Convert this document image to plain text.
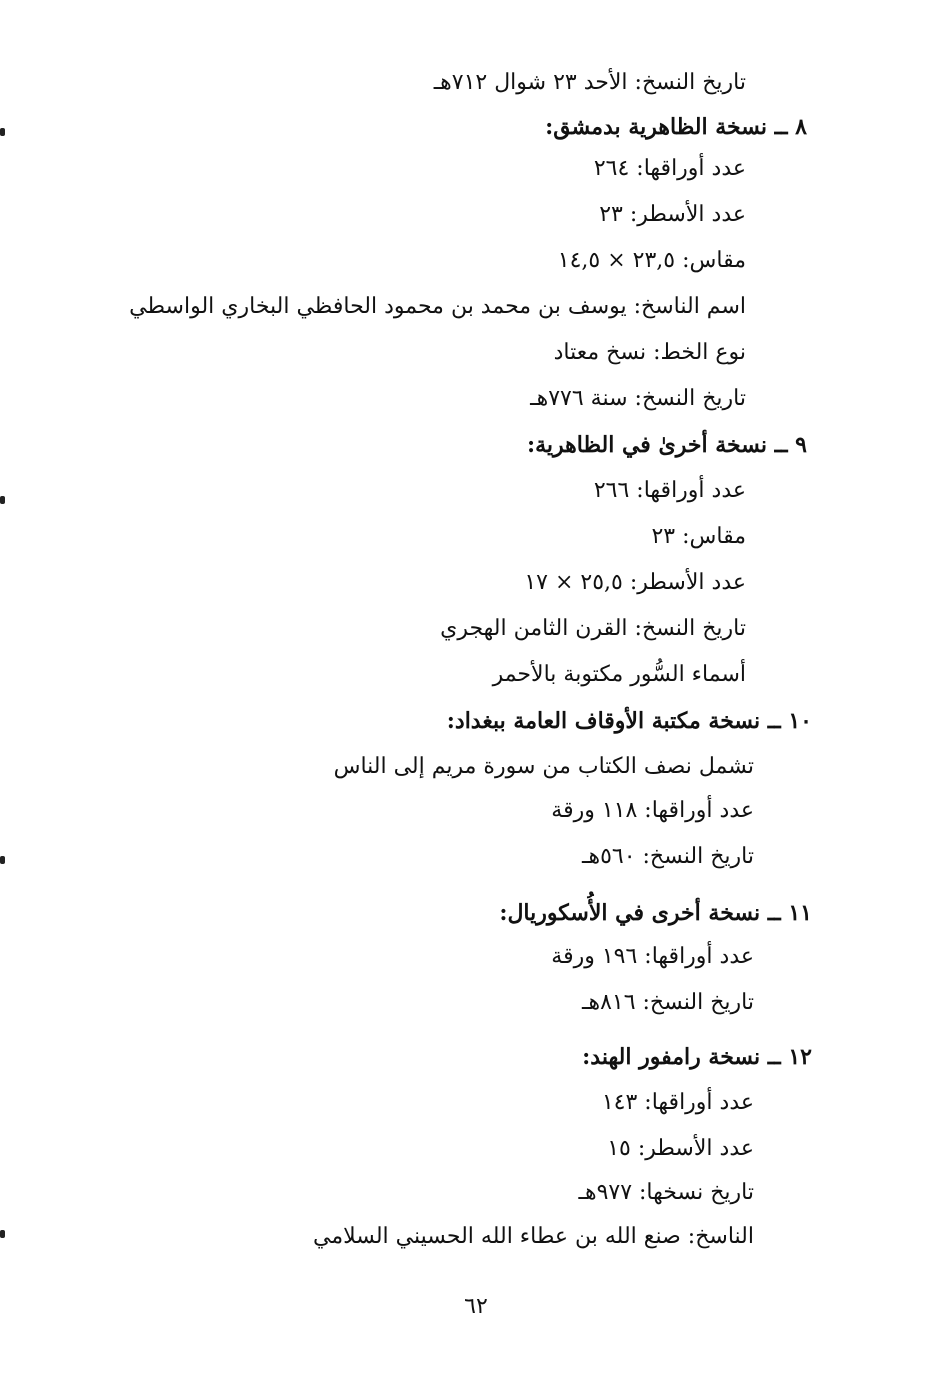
تاريخ النسخ: الأحد ٢٣ شوال ٧١٢هـ
٨ ــ نسخة الظاهرية بدمشق:
عدد أوراقها: ٢٦٤
عدد الأسطر: ٢٣
مقاس: ٢٣,٥ × ١٤,٥
اسم الناسخ: يوسف بن محمد بن محمود الحافظي البخاري الواسطي
نوع الخط: نسخ معتاد
تاريخ النسخ: سنة ٧٧٦هـ
٩ ــ نسخة أخرىٰ في الظاهرية:
عدد أوراقها: ٢٦٦
مقاس: ٢٣
عدد الأسطر: ٢٥,٥ × ١٧
تاريخ النسخ: القرن الثامن الهجري
أسماء السُّور مكتوبة بالأحمر
١٠ ــ نسخة مكتبة الأوقاف العامة ببغداد:
تشمل نصف الكتاب من سورة مريم إلى الناس
عدد أوراقها: ١١٨ ورقة
تاريخ النسخ: ٥٦٠هـ
١١ ــ نسخة أخرى في الأُسكوريال:
عدد أوراقها: ١٩٦ ورقة
تاريخ النسخ: ٨١٦هـ
١٢ ــ نسخة رامفور الهند:
عدد أوراقها: ١٤٣
عدد الأسطر: ١٥
تاريخ نسخها: ٩٧٧هـ
الناسخ: صنع الله بن عطاء الله الحسيني السلامي
٦٢
